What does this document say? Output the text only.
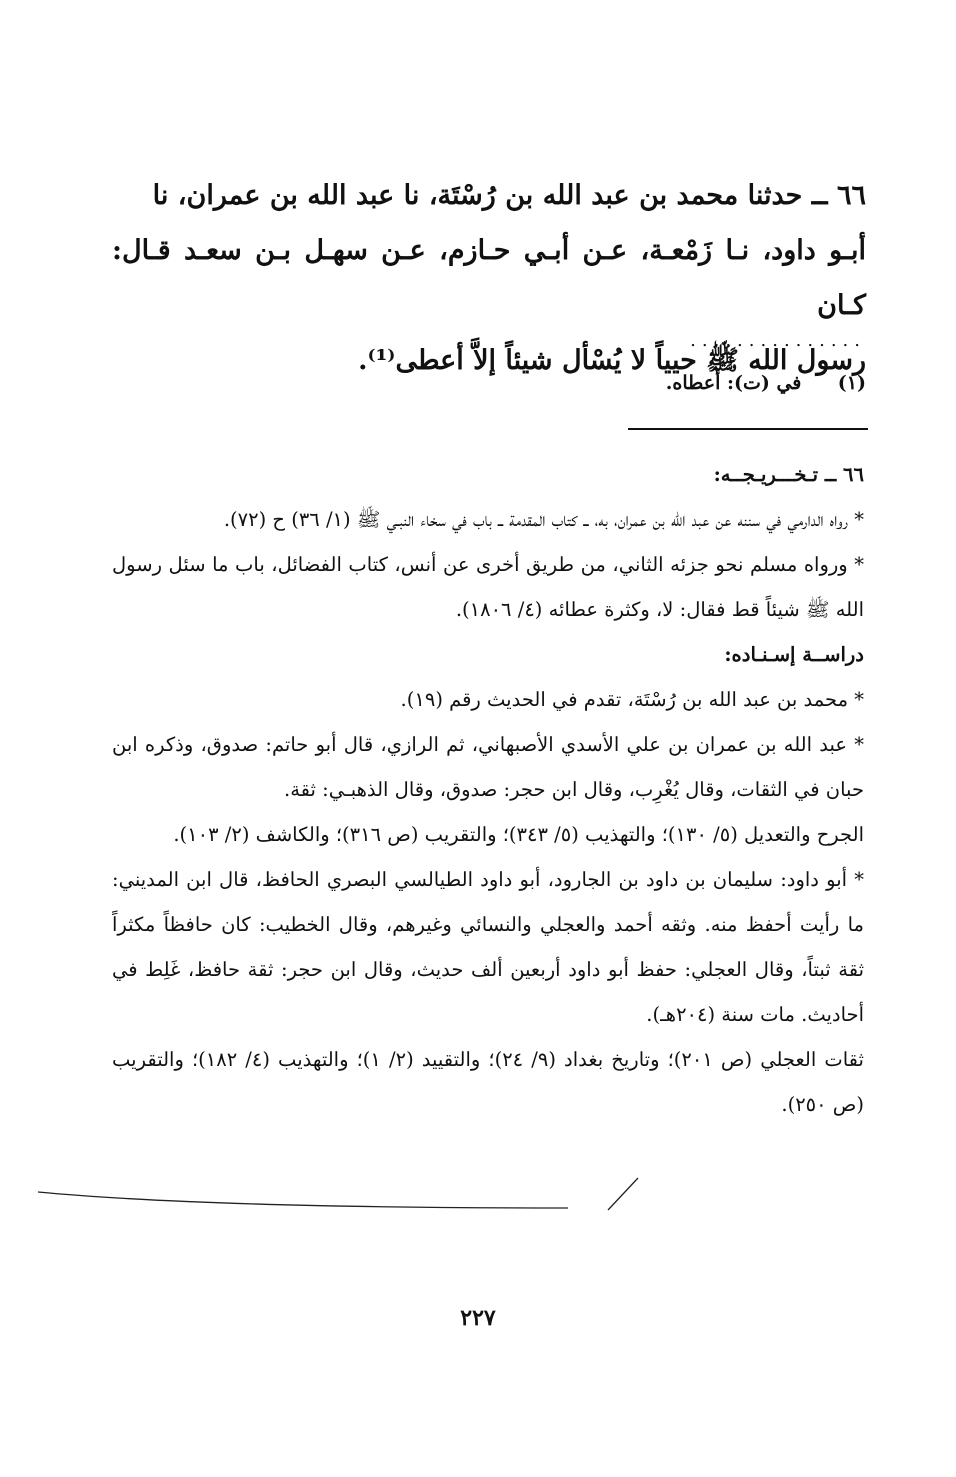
٦٦ ــ حدثنا محمد بن عبد الله بن رُسْتَة، نا عبد الله بن عمران، نا

أبـو داود، نـا زَمْعـة، عـن أبـي حـازم، عـن سهـل بـن سعـد قـال: كـان

رسول الله ﷺ حيياً لا يُسْأل شيئاً إلاَّ أعطى⁽¹⁾.

...............
(١) في (ت): أعطاه.

٦٦ ــ تـخـــريـجــه:

* رواه الدارمي في سننه عن عبد الله بن عمران، به، ــ كتاب المقدمة ــ باب في سخاء النبـي ﷺ (١/ ٣٦) ح (٧٢).

* ورواه مسلم نحو جزئه الثاني، من طريق أخرى عن أنس، كتاب الفضائل، باب ما سئل رسول الله ﷺ شيئاً قط فقال: لا، وكثرة عطائه (٤/ ١٨٠٦).

دراســة إسـنـاده:

* محمد بن عبد الله بن رُسْتَة، تقدم في الحديث رقم (١٩).

* عبد الله بن عمران بن علي الأسدي الأصبهاني، ثم الرازي، قال أبو حاتم: صدوق، وذكره ابن حبان في الثقات، وقال يُغْرِب، وقال ابن حجر: صدوق، وقال الذهبـي: ثقة.

الجرح والتعديل (٥/ ١٣٠)؛ والتهذيب (٥/ ٣٤٣)؛ والتقريب (ص ٣١٦)؛ والكاشف (٢/ ١٠٣).

* أبو داود: سليمان بن داود بن الجارود، أبو داود الطيالسي البصري الحافظ، قال ابن المديني: ما رأيت أحفظ منه. وثقه أحمد والعجلي والنسائي وغيرهم، وقال الخطيب: كان حافظاً مكثراً ثقة ثبتاً، وقال العجلي: حفظ أبو داود أربعين ألف حديث، وقال ابن حجر: ثقة حافظ، غَلِط في أحاديث. مات سنة (٢٠٤هـ).

ثقات العجلي (ص ٢٠١)؛ وتاريخ بغداد (٩/ ٢٤)؛ والتقييد (٢/ ١)؛ والتهذيب (٤/ ١٨٢)؛ والتقريب (ص ٢٥٠).

٢٢٧
